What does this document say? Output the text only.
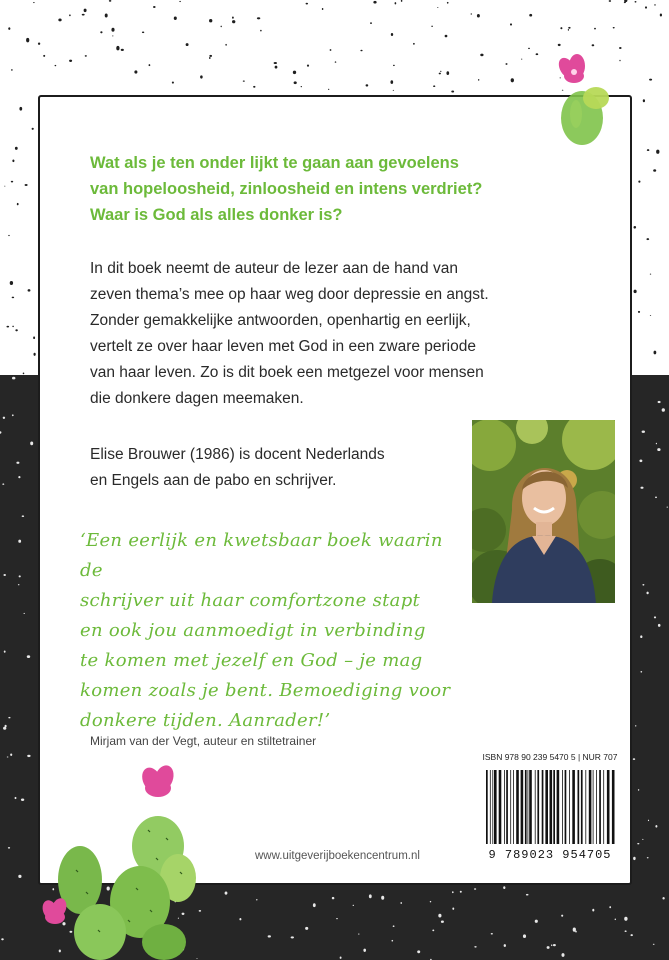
Wat als je ten onder lijkt te gaan aan gevoelens
van hopeloosheid, zinloosheid en intens verdriet?
Waar is God als alles donker is?

In dit boek neemt de auteur de lezer aan de hand van
zeven thema’s mee op haar weg door depressie en angst.
Zonder gemakkelijke antwoorden, openhartig en eerlijk,
vertelt ze over haar leven met God in een zware periode
van haar leven. Zo is dit boek een metgezel voor mensen
die donkere dagen meemaken.

Elise Brouwer (1986) is docent Nederlands
en Engels aan de pabo en schrijver.

‘Een eerlijk en kwetsbaar boek waarin de
schrijver uit haar comfortzone stapt
en ook jou aanmoedigt in verbinding
te komen met jezelf en God – je mag
komen zoals je bent. Bemoediging voor
donkere tijden. Aanrader!’

Mirjam van der Vegt, auteur en stiltetrainer

ISBN 978 90 239 5470 5 | NUR 707

9 789023 954705

www.uitgeverijboekencentrum.nl
